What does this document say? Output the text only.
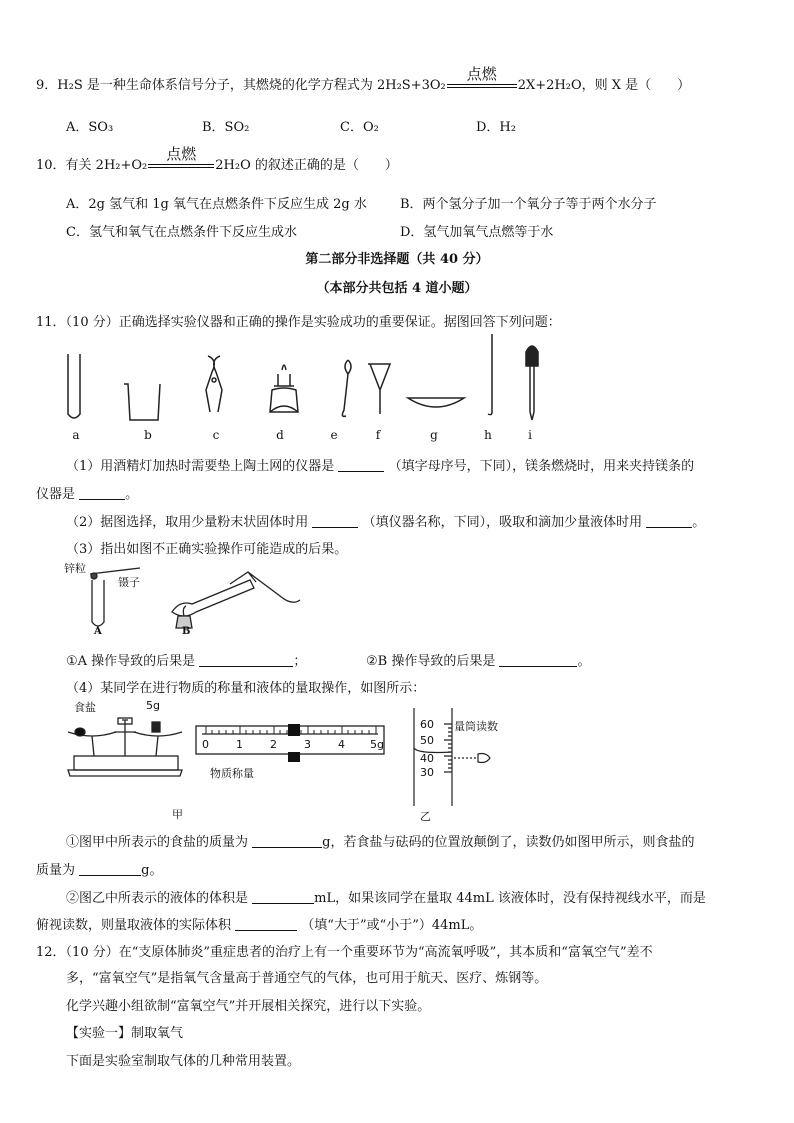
9．H₂S 是一种生命体系信号分子，其燃烧的化学方程式为 2H₂S+3O₂
点燃
2X+2H₂O，则 X 是（　　）
A．SO₃	B．SO₂	C．O₂	D．H₂
10．有关 2H₂+O₂
点燃
2H₂O 的叙述正确的是（　　）
A．2g 氢气和 1g 氧气在点燃条件下反应生成 2g 水	B．两个氢分子加一个氧分子等于两个水分子
C．氢气和氧气在点燃条件下反应生成水	D．氢气加氧气点燃等于水
第二部分非选择题（共 40 分）
（本部分共包括 4 道小题）
11．（10 分）正确选择实验仪器和正确的操作是实验成功的重要保证。据图回答下列问题：
a	b	c	d	e	f	g	h	i
（1）用酒精灯加热时需要垫上陶土网的仪器是	（填字母序号，下同），镁条燃烧时，用来夹持镁条的
仪器是	。
（2）据图选择，取用少量粉末状固体时用	（填仪器名称，下同），吸取和滴加少量液体时用	。
（3）指出如图不正确实验操作可能造成的后果。
锌粒
镊子
A	B
①A 操作导致的后果是	；	②B 操作导致的后果是	。
（4）某同学在进行物质的称量和液体的量取操作，如图所示：
食盐	5g
0 1 2 3 4 5g
物质称量
甲
60
50
40
30
量筒读数
乙
①图甲中所表示的食盐的质量为	g，若食盐与砝码的位置放颠倒了，读数仍如图甲所示，则食盐的
质量为	g。
②图乙中所表示的液体的体积是	mL，如果该同学在量取 44mL 该液体时，没有保持视线水平，而是
俯视读数，则量取液体的实际体积	（填“大于”或“小于”）44mL。
12．（10 分）在“支原体肺炎”重症患者的治疗上有一个重要环节为“高流氧呼吸”，其本质和“富氧空气”差不
多，“富氧空气”是指氧气含量高于普通空气的气体，也可用于航天、医疗、炼钢等。
化学兴趣小组欲制“富氧空气”并开展相关探究，进行以下实验。
【实验一】制取氧气
下面是实验室制取气体的几种常用装置。
